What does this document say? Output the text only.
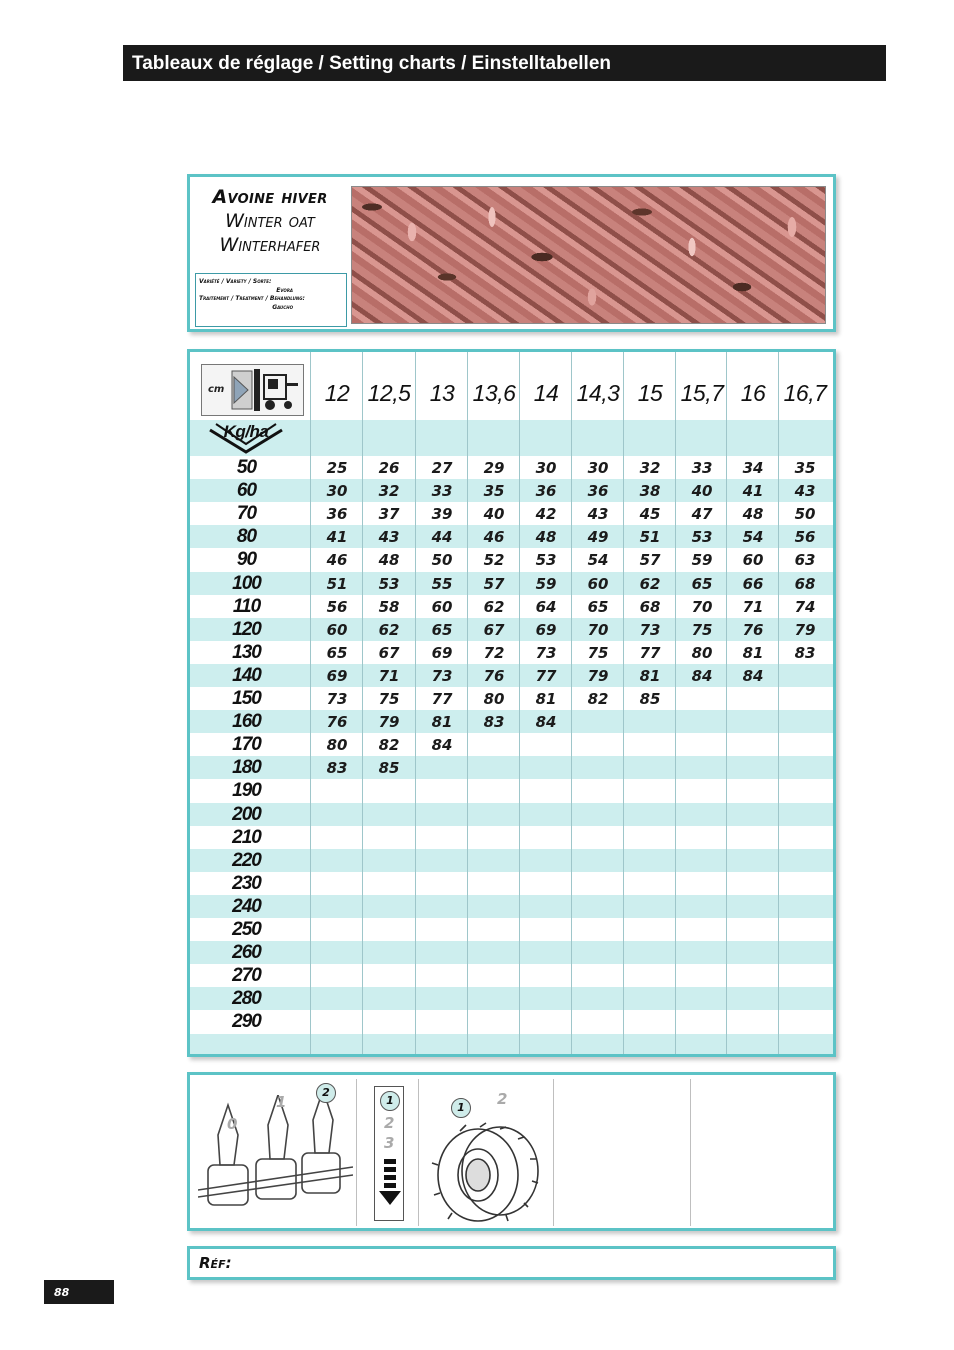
Tableaux de réglage / Setting charts / Einstelltabellen
Avoine hiver
Winter oat
Winterhafer
Variété / Variety / Sorte:
Evora
Traitement / Treatment / Behandlung:
Gaucho
cm
Kg/ha
12 12,5 13 13,6 14 14,3 15 15,7 16 16,7
50	25	26	27	29	30	30	32	33	34	35
60	30	32	33	35	36	36	38	40	41	43
70	36	37	39	40	42	43	45	47	48	50
80	41	43	44	46	48	49	51	53	54	56
90	46	48	50	52	53	54	57	59	60	63
100	51	53	55	57	59	60	62	65	66	68
110	56	58	60	62	64	65	68	70	71	74
120	60	62	65	67	69	70	73	75	76	79
130	65	67	69	72	73	75	77	80	81	83
140	69	71	73	76	77	79	81	84	84
150	73	75	77	80	81	82	85
160	76	79	81	83	84
170	80	82	84
180	83	85
190
200
210
220
230
240
250
260
270
280
290
0
1
2
1
2
3
1	2
Réf:
88
